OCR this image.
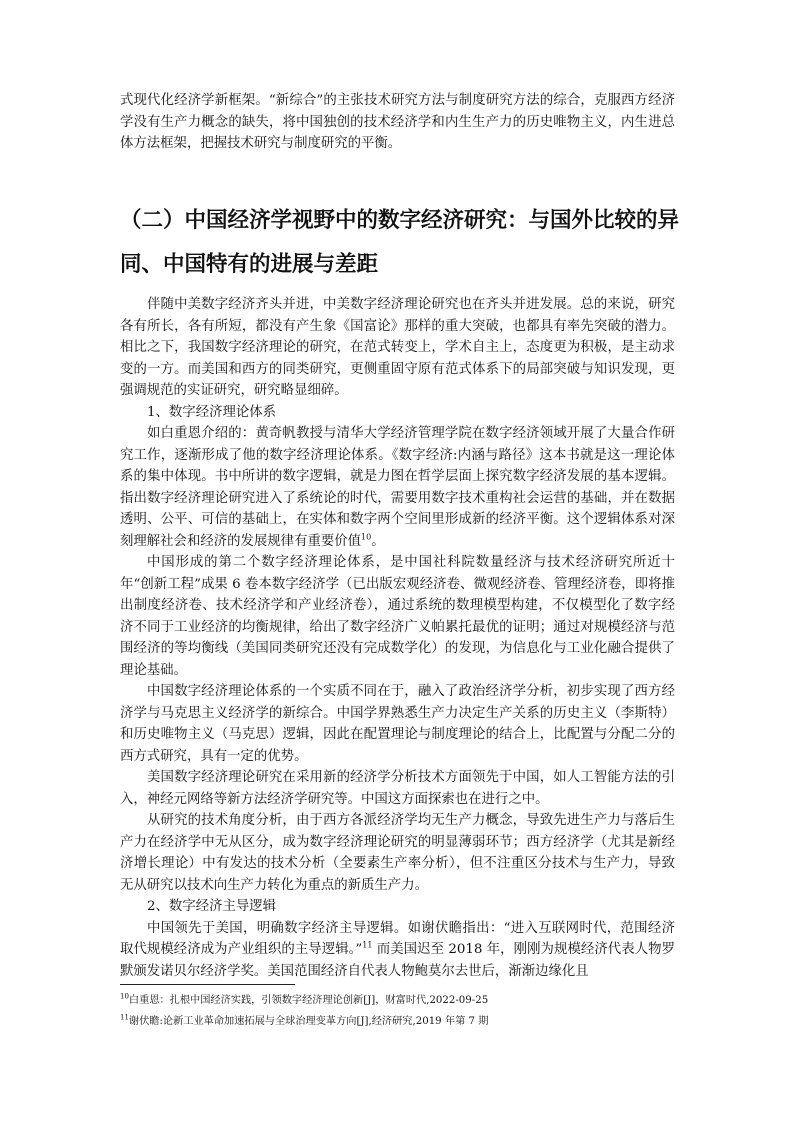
式现代化经济学新框架。“新综合”的主张技术研究方法与制度研究方法的综合，克服西方经济学没有生产力概念的缺失，将中国独创的技术经济学和内生生产力的历史唯物主义，内生进总体方法框架，把握技术研究与制度研究的平衡。

（二）中国经济学视野中的数字经济研究：与国外比较的异同、中国特有的进展与差距

伴随中美数字经济齐头并进，中美数字经济理论研究也在齐头并进发展。总的来说，研究各有所长，各有所短，都没有产生象《国富论》那样的重大突破，也都具有率先突破的潜力。相比之下，我国数字经济理论的研究，在范式转变上，学术自主上，态度更为积极，是主动求变的一方。而美国和西方的同类研究，更侧重固守原有范式体系下的局部突破与知识发现，更强调规范的实证研究，研究略显细碎。

1、数字经济理论体系

如白重恩介绍的：黄奇帆教授与清华大学经济管理学院在数字经济领域开展了大量合作研究工作，逐渐形成了他的数字经济理论体系。《数字经济:内涵与路径》这本书就是这一理论体系的集中体现。书中所讲的数字逻辑，就是力图在哲学层面上探究数字经济发展的基本逻辑。指出数字经济理论研究进入了系统论的时代，需要用数字技术重构社会运营的基础，并在数据透明、公平、可信的基础上，在实体和数字两个空间里形成新的经济平衡。这个逻辑体系对深刻理解社会和经济的发展规律有重要价值$^{10}$。

中国形成的第二个数字经济理论体系，是中国社科院数量经济与技术经济研究所近十年“创新工程”成果 6 卷本数字经济学（已出版宏观经济卷、微观经济卷、管理经济卷，即将推出制度经济卷、技术经济学和产业经济卷），通过系统的数理模型构建，不仅模型化了数字经济不同于工业经济的均衡规律，给出了数字经济广义帕累托最优的证明；通过对规模经济与范围经济的等均衡线（美国同类研究还没有完成数学化）的发现，为信息化与工业化融合提供了理论基础。

中国数字经济理论体系的一个实质不同在于，融入了政治经济学分析，初步实现了西方经济学与马克思主义经济学的新综合。中国学界熟悉生产力决定生产关系的历史主义（李斯特）和历史唯物主义（马克思）逻辑，因此在配置理论与制度理论的结合上，比配置与分配二分的西方式研究，具有一定的优势。

美国数字经济理论研究在采用新的经济学分析技术方面领先于中国，如人工智能方法的引入，神经元网络等新方法经济学研究等。中国这方面探索也在进行之中。

从研究的技术角度分析，由于西方各派经济学均无生产力概念，导致先进生产力与落后生产力在经济学中无从区分，成为数字经济理论研究的明显薄弱环节；西方经济学（尤其是新经济增长理论）中有发达的技术分析（全要素生产率分析），但不注重区分技术与生产力，导致无从研究以技术向生产力转化为重点的新质生产力。

2、数字经济主导逻辑

中国领先于美国，明确数字经济主导逻辑。如谢伏瞻指出：“进入互联网时代，范围经济取代规模经济成为产业组织的主导逻辑。”$^{11}$ 而美国迟至 2018 年，刚刚为规模经济代表人物罗默颁发诺贝尔经济学奖。美国范围经济自代表人物鲍莫尔去世后，渐渐边缘化且

$^{10}$白重恩：扎根中国经济实践，引领数字经济理论创新[J]，财富时代,2022-09-25
$^{11}$谢伏瞻:论新工业革命加速拓展与全球治理变革方向[J],经济研究,2019 年第 7 期
